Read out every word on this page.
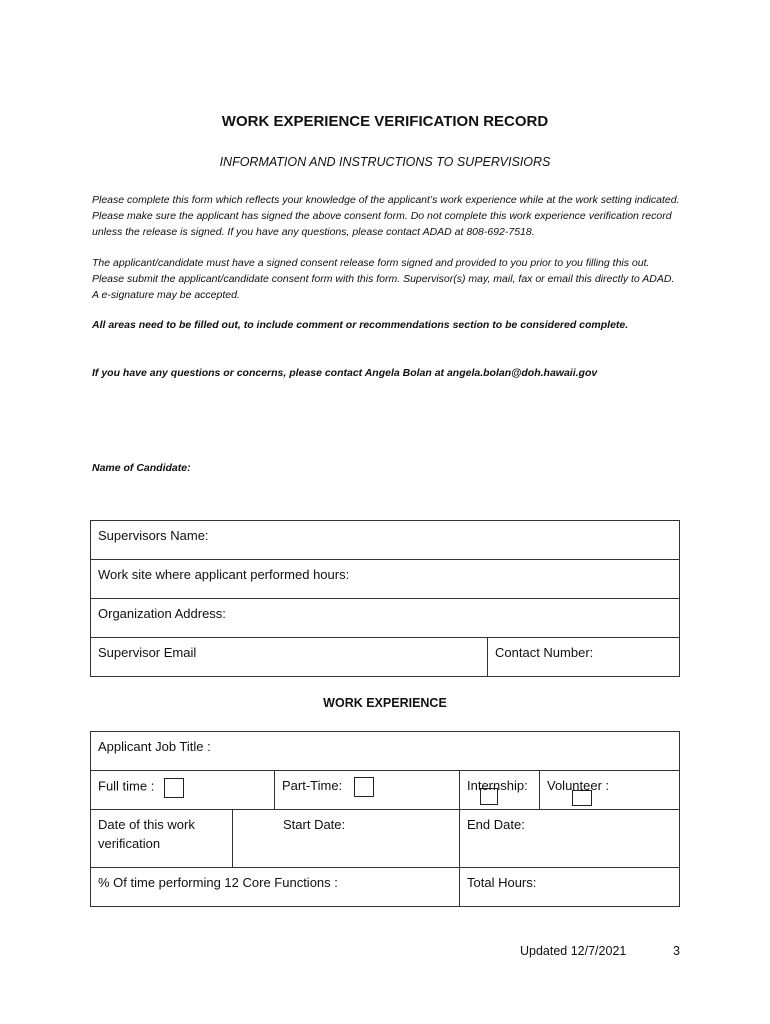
WORK EXPERIENCE VERIFICATION RECORD
INFORMATION AND INSTRUCTIONS TO SUPERVISIORS
Please complete this form which reflects your knowledge of the applicant’s work experience while at the work setting indicated. Please make sure the applicant has signed the above consent form. Do not complete this work experience verification record unless the release is signed. If you have any questions, please contact ADAD at 808-692-7518.
The applicant/candidate must have a signed consent release form signed and provided to you prior to you filling this out. Please submit the applicant/candidate consent form with this form. Supervisor(s) may, mail, fax or email this directly to ADAD. A e-signature may be accepted.
All areas need to be filled out, to include comment or recommendations section to be considered complete.
If you have any questions or concerns, please contact Angela Bolan at angela.bolan@doh.hawaii.gov
Name of Candidate:
Supervisors Name:
Work site where applicant performed hours:
Organization Address:
Supervisor Email	Contact Number:
WORK EXPERIENCE
Applicant Job Title :				
Full time :		Part-Time:	Internship:	Volunteer :

Date of this work verification	Start Date:		End Date:	
% Of time performing 12 Core Functions :			Total Hours:	
Updated 12/7/2021	3
